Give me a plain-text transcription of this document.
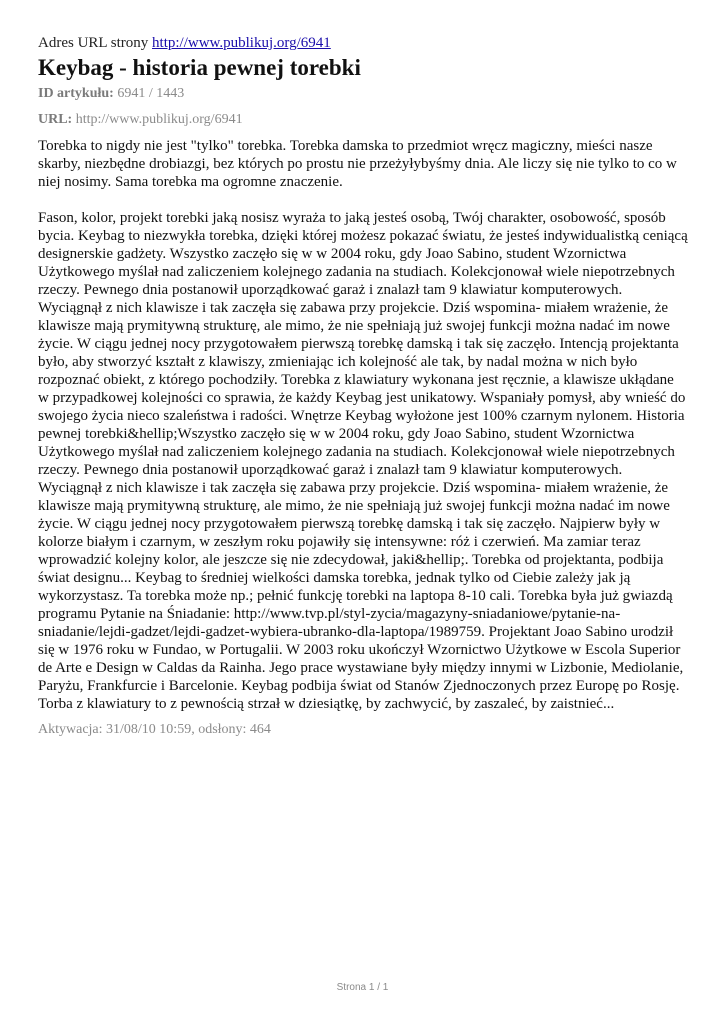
Adres URL strony http://www.publikuj.org/6941
Keybag - historia pewnej torebki
ID artykułu: 6941 / 1443
URL: http://www.publikuj.org/6941

Torebka to nigdy nie jest "tylko" torebka. Torebka damska to przedmiot wręcz magiczny, mieści nasze skarby, niezbędne drobiazgi, bez których po prostu nie przeżyłybyśmy dnia. Ale liczy się nie tylko to co w niej nosimy. Sama torebka ma ogromne znaczenie.

Fason, kolor, projekt torebki jaką nosisz wyraża to jaką jesteś osobą, Twój charakter, osobowość, sposób bycia. Keybag to niezwykła torebka, dzięki której możesz pokazać światu, że jesteś indywidualistką ceniącą designerskie gadżety. Wszystko zaczęło się w w 2004 roku, gdy Joao Sabino, student Wzornictwa Użytkowego myślał nad zaliczeniem kolejnego zadania na studiach. Kolekcjonował wiele niepotrzebnych rzeczy. Pewnego dnia postanowił uporządkować garaż i znalazł tam 9 klawiatur komputerowych. Wyciągnął z nich klawisze i tak zaczęła się zabawa przy projekcie. Dziś wspomina- miałem wrażenie, że klawisze mają prymitywną strukturę, ale mimo, że nie spełniają już swojej funkcji można nadać im nowe życie. W ciągu jednej nocy przygotowałem pierwszą torebkę damską i tak się zaczęło. Intencją projektanta było, aby stworzyć kształt z klawiszy, zmieniając ich kolejność ale tak, by nadal można w nich było rozpoznać obiekt, z którego pochodziły. Torebka z klawiatury wykonana jest ręcznie, a klawisze ukłądane w przypadkowej kolejności co sprawia, że każdy Keybag jest unikatowy. Wspaniały pomysł, aby wnieść do swojego życia nieco szaleństwa i radości. Wnętrze Keybag wyłożone jest 100% czarnym nylonem. Historia pewnej torebki&hellip;Wszystko zaczęło się w w 2004 roku, gdy Joao Sabino, student Wzornictwa Użytkowego myślał nad zaliczeniem kolejnego zadania na studiach. Kolekcjonował wiele niepotrzebnych rzeczy. Pewnego dnia postanowił uporządkować garaż i znalazł tam 9 klawiatur komputerowych. Wyciągnął z nich klawisze i tak zaczęła się zabawa przy projekcie. Dziś wspomina- miałem wrażenie, że klawisze mają prymitywną strukturę, ale mimo, że nie spełniają już swojej funkcji można nadać im nowe życie. W ciągu jednej nocy przygotowałem pierwszą torebkę damską i tak się zaczęło. Najpierw były w kolorze białym i czarnym, w zeszłym roku pojawiły się intensywne: róż i czerwień. Ma zamiar teraz wprowadzić kolejny kolor, ale jeszcze się nie zdecydował, jaki&hellip;. Torebka od projektanta, podbija świat designu... Keybag to średniej wielkości damska torebka, jednak tylko od Ciebie zależy jak ją wykorzystasz. Ta torebka może np.; pełnić funkcję torebki na laptopa 8-10 cali. Torebka była już gwiazdą programu Pytanie na Śniadanie: http://www.tvp.pl/styl-zycia/magazyny-sniadaniowe/pytanie-na-sniadanie/lejdi-gadzet/lejdi-gadzet-wybiera-ubranko-dla-laptopa/1989759. Projektant Joao Sabino urodził się w 1976 roku w Fundao, w Portugalii. W 2003 roku ukończył Wzornictwo Użytkowe w Escola Superior de Arte e Design w Caldas da Rainha. Jego prace wystawiane były między innymi w Lizbonie, Mediolanie, Paryżu, Frankfurcie i Barcelonie. Keybag podbija świat od Stanów Zjednoczonych przez Europę po Rosję. Torba z klawiatury to z pewnością strzał w dziesiątkę, by zachwycić, by zaszaleć, by zaistnieć...

Aktywacja: 31/08/10 10:59, odsłony: 464
Strona 1 / 1
